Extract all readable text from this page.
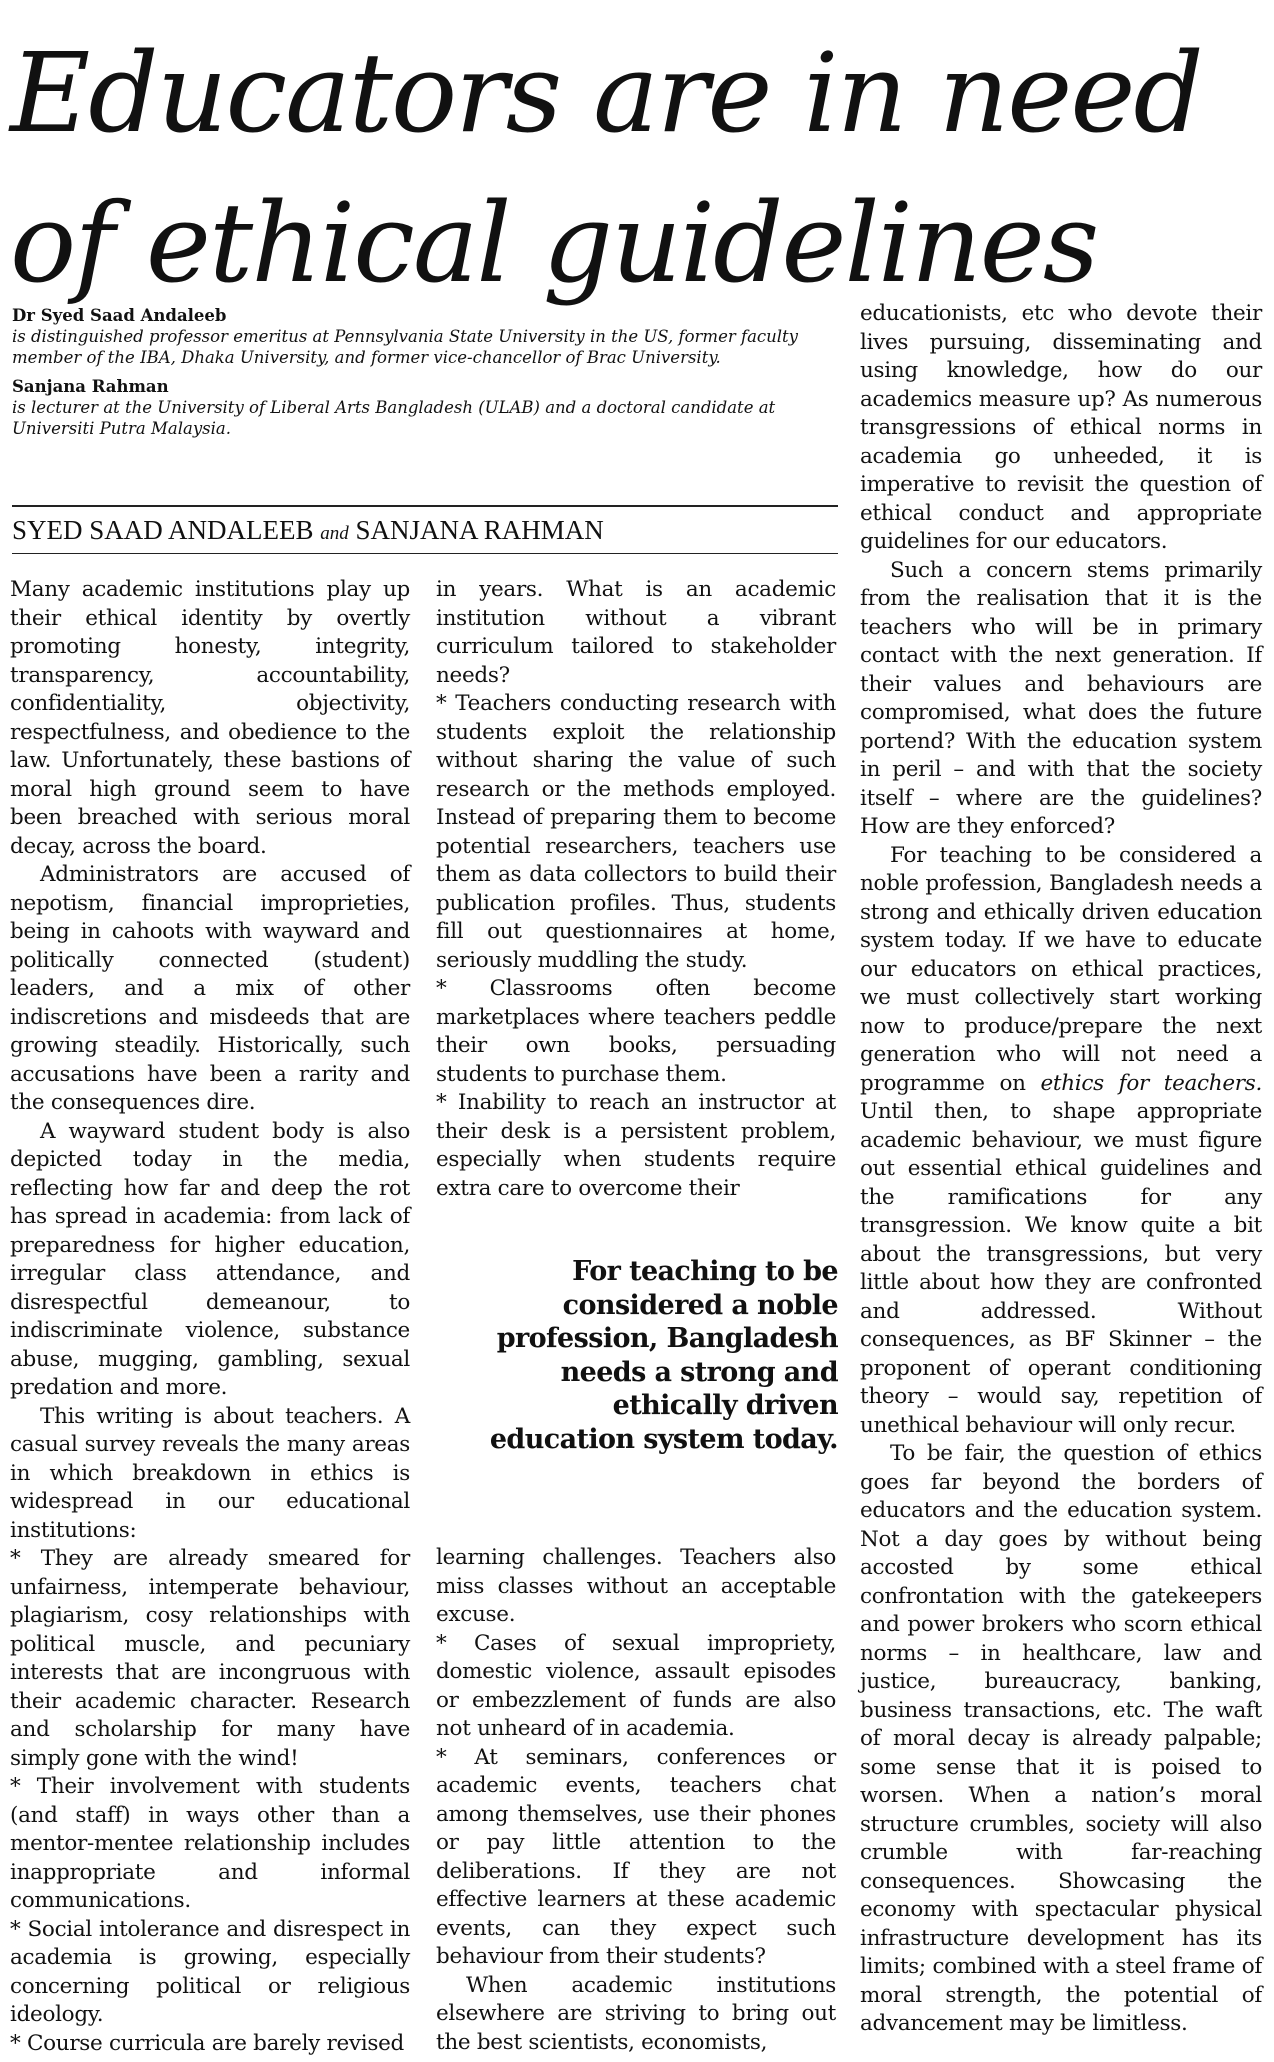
Educators are in need of ethical guidelines
Dr Syed Saad Andaleeb
is distinguished professor emeritus at Pennsylvania State University in the US, former faculty member of the IBA, Dhaka University, and former vice-chancellor of Brac University.
Sanjana Rahman
is lecturer at the University of Liberal Arts Bangladesh (ULAB) and a doctoral candidate at Universiti Putra Malaysia.
SYED SAAD ANDALEEB and SANJANA RAHMAN

Many academic institutions play up their ethical identity by overtly promoting honesty, integrity, transparency, accountability, confidentiality, objectivity, respectfulness, and obedience to the law. Unfortunately, these bastions of moral high ground seem to have been breached with serious moral decay, across the board.

Administrators are accused of nepotism, financial improprieties, being in cahoots with wayward and politically connected (student) leaders, and a mix of other indiscretions and misdeeds that are growing steadily. Historically, such accusations have been a rarity and the consequences dire.

A wayward student body is also depicted today in the media, reflecting how far and deep the rot has spread in academia: from lack of preparedness for higher education, irregular class attendance, and disrespectful demeanour, to indiscriminate violence, substance abuse, mugging, gambling, sexual predation and more.

This writing is about teachers. A casual survey reveals the many areas in which breakdown in ethics is widespread in our educational institutions:

* They are already smeared for unfairness, intemperate behaviour, plagiarism, cosy relationships with political muscle, and pecuniary interests that are incongruous with their academic character. Research and scholarship for many have simply gone with the wind!

* Their involvement with students (and staff) in ways other than a mentor-mentee relationship includes inappropriate and informal communications.

* Social intolerance and disrespect in academia is growing, especially concerning political or religious ideology.

* Course curricula are barely revised

in years. What is an academic institution without a vibrant curriculum tailored to stakeholder needs?

* Teachers conducting research with students exploit the relationship without sharing the value of such research or the methods employed. Instead of preparing them to become potential researchers, teachers use them as data collectors to build their publication profiles. Thus, students fill out questionnaires at home, seriously muddling the study.

* Classrooms often become marketplaces where teachers peddle their own books, persuading students to purchase them.

* Inability to reach an instructor at their desk is a persistent problem, especially when students require extra care to overcome their

For teaching to be considered a noble profession, Bangladesh needs a strong and ethically driven education system today.

learning challenges. Teachers also miss classes without an acceptable excuse.

* Cases of sexual impropriety, domestic violence, assault episodes or embezzlement of funds are also not unheard of in academia.

* At seminars, conferences or academic events, teachers chat among themselves, use their phones or pay little attention to the deliberations. If they are not effective learners at these academic events, can they expect such behaviour from their students?

When academic institutions elsewhere are striving to bring out the best scientists, economists,

educationists, etc who devote their lives pursuing, disseminating and using knowledge, how do our academics measure up? As numerous transgressions of ethical norms in academia go unheeded, it is imperative to revisit the question of ethical conduct and appropriate guidelines for our educators.

Such a concern stems primarily from the realisation that it is the teachers who will be in primary contact with the next generation. If their values and behaviours are compromised, what does the future portend? With the education system in peril – and with that the society itself – where are the guidelines? How are they enforced?

For teaching to be considered a noble profession, Bangladesh needs a strong and ethically driven education system today. If we have to educate our educators on ethical practices, we must collectively start working now to produce/prepare the next generation who will not need a programme on ethics for teachers. Until then, to shape appropriate academic behaviour, we must figure out essential ethical guidelines and the ramifications for any transgression. We know quite a bit about the transgressions, but very little about how they are confronted and addressed. Without consequences, as BF Skinner – the proponent of operant conditioning theory – would say, repetition of unethical behaviour will only recur.

To be fair, the question of ethics goes far beyond the borders of educators and the education system. Not a day goes by without being accosted by some ethical confrontation with the gatekeepers and power brokers who scorn ethical norms – in healthcare, law and justice, bureaucracy, banking, business transactions, etc. The waft of moral decay is already palpable; some sense that it is poised to worsen. When a nation’s moral structure crumbles, society will also crumble with far-reaching consequences. Showcasing the economy with spectacular physical infrastructure development has its limits; combined with a steel frame of moral strength, the potential of advancement may be limitless.
